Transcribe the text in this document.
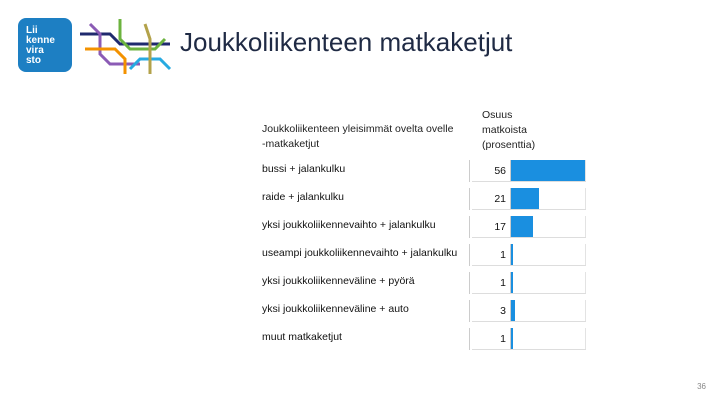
Lii
kenne
vira
sto
Joukkoliikenteen matkaketjut
Joukkoliikenteen yleisimmät ovelta ovelle
-matkaketjut
Osuus
matkoista
(prosenttia)
bussi + jalankulku	56
raide + jalankulku	21
yksi joukkoliikennevaihto + jalankulku	17
useampi joukkoliikennevaihto + jalankulku	1
yksi joukkoliikenneväline + pyörä	1
yksi joukkoliikenneväline + auto	3
muut matkaketjut	1
36
